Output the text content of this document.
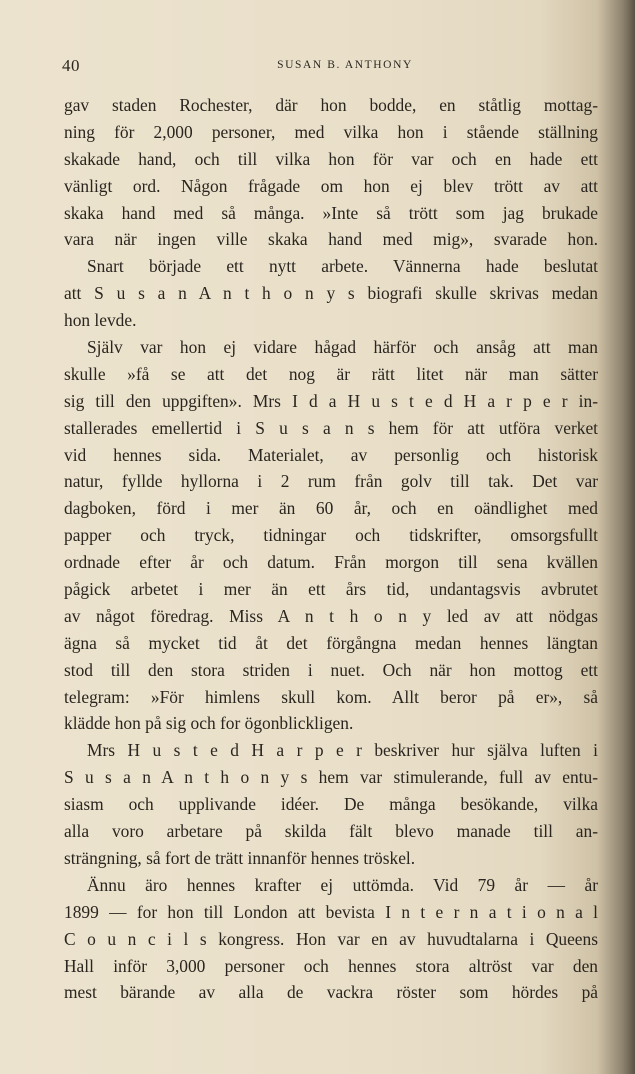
40	SUSAN B. ANTHONY
gav staden Rochester, där hon bodde, en ståtlig mottag-
ning för 2,000 personer, med vilka hon i stående ställning
skakade hand, och till vilka hon för var och en hade ett
vänligt ord. Någon frågade om hon ej blev trött av att
skaka hand med så många. »Inte så trött som jag brukade
vara när ingen ville skaka hand med mig», svarade hon.
Snart började ett nytt arbete. Vännerna hade beslutat
att S u s a n A n t h o n y s biografi skulle skrivas medan
hon levde.
Själv var hon ej vidare hågad härför och ansåg att man
skulle »få se att det nog är rätt litet när man sätter
sig till den uppgiften». Mrs I d a H u s t e d H a r p e r in-
stallerades emellertid i S u s a n s hem för att utföra verket
vid hennes sida. Materialet, av personlig och historisk
natur, fyllde hyllorna i 2 rum från golv till tak. Det var
dagboken, förd i mer än 60 år, och en oändlighet med
papper och tryck, tidningar och tidskrifter, omsorgsfullt
ordnade efter år och datum. Från morgon till sena kvällen
pågick arbetet i mer än ett års tid, undantagsvis avbrutet
av något föredrag. Miss A n t h o n y led av att nödgas
ägna så mycket tid åt det förgångna medan hennes längtan
stod till den stora striden i nuet. Och när hon mottog ett
telegram: »För himlens skull kom. Allt beror på er», så
klädde hon på sig och for ögonblickligen.
Mrs H u s t e d H a r p e r beskriver hur själva luften i
S u s a n A n t h o n y s hem var stimulerande, full av entu-
siasm och upplivande idéer. De många besökande, vilka
alla voro arbetare på skilda fält blevo manade till an-
strängning, så fort de trätt innanför hennes tröskel.
Ännu äro hennes krafter ej uttömda. Vid 79 år — år
1899 — for hon till London att bevista I n t e r n a t i o n a l
C o u n c i l s kongress. Hon var en av huvudtalarna i Queens
Hall inför 3,000 personer och hennes stora altröst var den
mest bärande av alla de vackra röster som hördes på
